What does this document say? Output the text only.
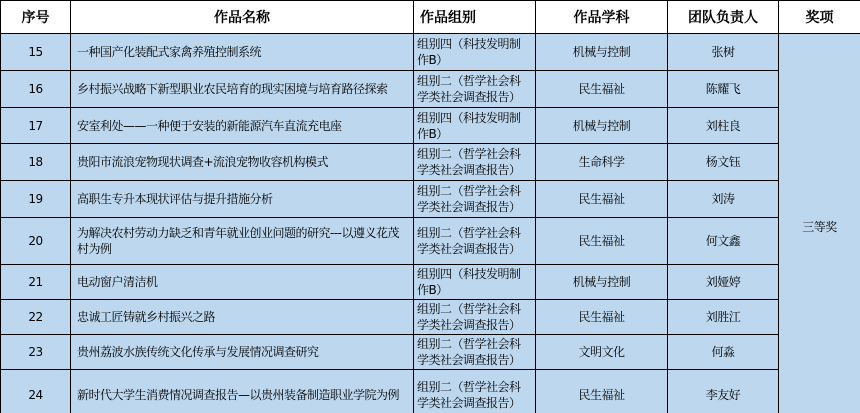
序号	作品名称	作品组别	作品学科	团队负责人	奖项
15	一种国产化装配式家禽养殖控制系统	组别四（科技发明制作B）	机械与控制	张树	三等奖
16	乡村振兴战略下新型职业农民培育的现实困境与培育路径探索	组别二（哲学社会科学类社会调查报告）	民生福祉	陈耀飞	
17	安室利处——一种便于安装的新能源汽车直流充电座	组别四（科技发明制作B）	机械与控制	刘柱良	
18	贵阳市流浪宠物现状调查+流浪宠物收容机构模式	组别二（哲学社会科学类社会调查报告）	生命科学	杨文钰	
19	高职生专升本现状评估与提升措施分析	组别二（哲学社会科学类社会调查报告）	民生福祉	刘涛	
20	为解决农村劳动力缺乏和青年就业创业问题的研究---以遵义花茂村为例	组别二（哲学社会科学类社会调查报告）	民生福祉	何文鑫	
21	电动窗户清洁机	组别四（科技发明制作B）	机械与控制	刘娅婷	
22	忠诚工匠铸就乡村振兴之路	组别二（哲学社会科学类社会调查报告）	民生福祉	刘胜江	
23	贵州荔波水族传统文化传承与发展情况调查研究	组别二（哲学社会科学类社会调查报告）	文明文化	何淼	
24	新时代大学生消费情况调查报告—以贵州装备制造职业学院为例	组别二（哲学社会科学类社会调查报告）	民生福祉	李友好	
